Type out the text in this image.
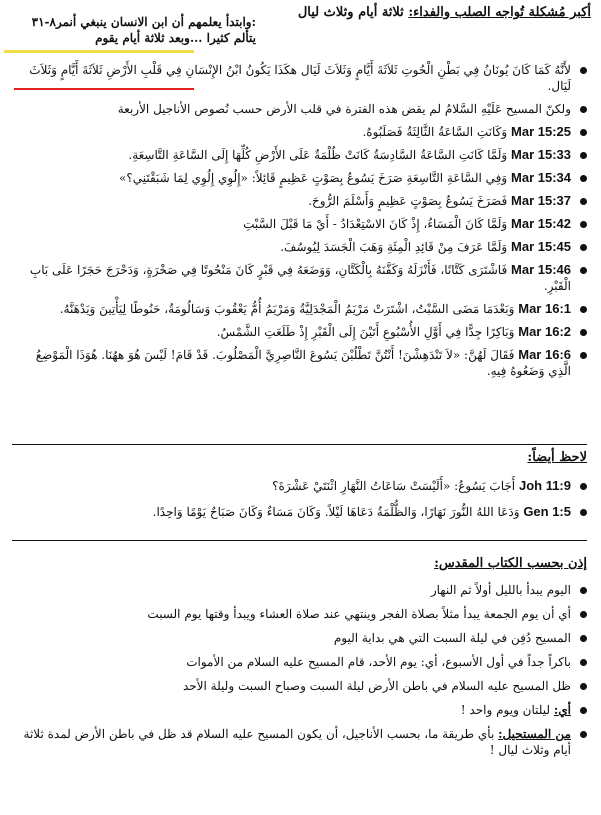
أكبر مُشكلة تُواجه الصلب والفداء: ثلاثة أيام وثلاث ليال
:وابتدأ يعلمهم أن ابن الانسان ينبغي أنمر٨-٣١
يتألم كثيرا ...وبعد ثلاثة أيام يقوم
لأَنَّهُ كَمَا كَانَ يُونَانُ فِي بَطْنِ الْحُوتِ ثَلاَثَةَ أَيَّامٍ وَثَلاَثَ لَيَال هكَذَا يَكُونُ ابْنُ الإِنْسَانِ فِي قَلْبِ الأَرْضِ ثَلاَثَةَ أَيَّامٍ وَثَلاَثَ لَيَال.
ولكنّ المسيح عَلَيْهِ السَّلامُ لم يقض هذه الفترة في قلب الأرض حسب نُصوص الأناجيل الأربعة
Mar 15:25 وَكَانَتِ السَّاعَةُ الثَّالِثَةُ فَصَلَبُوهُ.
Mar 15:33 وَلَمَّا كَانَتِ السَّاعَةُ السَّادِسَةُ كَانَتْ ظُلْمَةٌ عَلَى الأَرْضِ كُلِّهَا إِلَى السَّاعَةِ التَّاسِعَةِ.
Mar 15:34 وَفِي السَّاعَةِ التَّاسِعَةِ صَرَخَ يَسُوعُ بِصَوْتٍ عَظِيمٍ قَائِلاً: «إِلُوِي إِلُوِي لِمَا شَبَقْتَنِي؟»
Mar 15:37 فَصَرَخَ يَسُوعُ بِصَوْتٍ عَظِيمٍ وَأَسْلَمَ الرُّوحَ.
Mar 15:42 وَلَمَّا كَانَ الْمَسَاءُ، إِذْ كَانَ الاسْتِعْدَادُ - أَيْ مَا قَبْلَ السَّبْتِ
Mar 15:45 وَلَمَّا عَرَفَ مِنْ قَائِدِ الْمِئَةِ وَهَبَ الْجَسَدَ لِيُوسُفَ.
Mar 15:46 فَاشْتَرَى كَتَّانًا، فَأَنْزَلَهُ وَكَفَّنَهُ بِالْكَتَّانِ، وَوَضَعَهُ فِي قَبْرٍ كَانَ مَنْحُوتًا فِي صَخْرَةٍ، وَدَحْرَجَ حَجَرًا عَلَى بَابِ الْقَبْرِ.
Mar 16:1 وَبَعْدَمَا مَضَى السَّبْتُ، اشْتَرَتْ مَرْيَمُ الْمَجْدَلِيَّةُ وَمَرْيَمُ أُمُّ يَعْقُوبَ وَسَالُومَةُ، حَنُوطًا لِيَأْتِينَ وَيَدْهَنَّهُ.
Mar 16:2 وَبَاكِرًا جِدًّا فِي أَوَّلِ الأُسْبُوعِ أَتَيْنَ إِلَى الْقَبْرِ إِذْ طَلَعَتِ الشَّمْسُ.
Mar 16:6 فَقَالَ لَهُنَّ: «لاَ تَنْدَهِشْنَ! أَنْتُنَّ تَطْلُبْنَ يَسُوعَ النَّاصِرِيَّ الْمَصْلُوبَ. قَدْ قَامَ! لَيْسَ هُوَ ههُنَا. هُوَذَا الْمَوْضِعُ الَّذِي وَضَعُوهُ فِيهِ.
لاحظ أيضاً:
Joh 11:9 أَجَابَ يَسُوعُ: «أَلَيْسَتْ سَاعَاتُ النَّهَارِ اثْنَتَيْ عَشْرَةَ؟
Gen 1:5 وَدَعَا اللهُ النُّورَ نَهَارًا، وَالظُّلْمَةُ دَعَاهَا لَيْلاً. وَكَانَ مَسَاءٌ وَكَانَ صَبَاحٌ يَوْمًا وَاحِدًا.
إذن بحسب الكتاب المقدس:
اليوم يبدأ بالليل أولاً ثم النهار
أي أن يوم الجمعة يبدأ مثلاً بصلاة الفجر وينتهي عند صلاة العشاء ويبدأ وقتها يوم السبت
المسيح دُفِن في ليلة السبت التي هي بداية اليوم
باكراً جداً في أول الأسبوع، أي: يوم الأحد، قام المسيح عليه السلام من الأموات
ظل المسيح عليه السلام في باطن الأرض ليلة السبت وصباح السبت وليلة الأحد
أي: ليلتان ويوم واحد !
من المستحيل: بأي طريقة ما، بحسب الأناجيل، أن يكون المسيح عليه السلام قد ظل في باطن الأرض لمدة ثلاثة أيام وثلاث ليال !
